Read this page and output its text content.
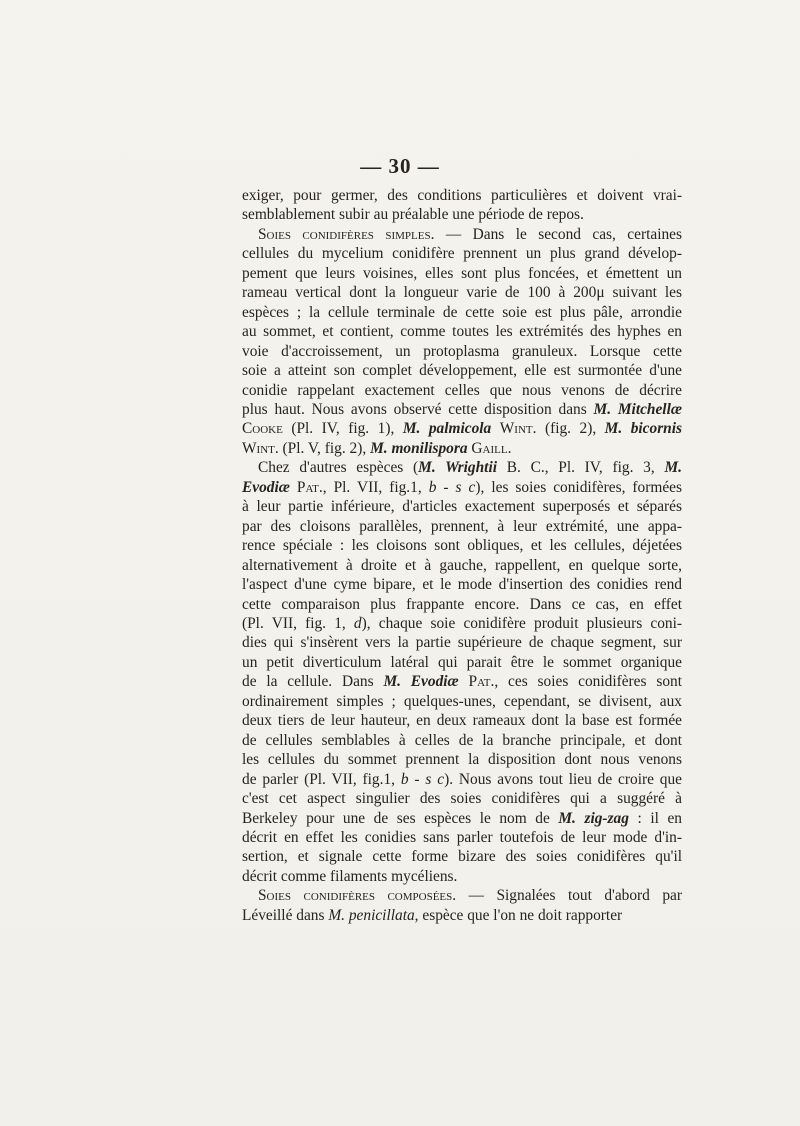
— 30 —
exiger, pour germer, des conditions particulières et doivent vrai-
semblablement subir au préalable une période de repos.
Soies conidifères simples. — Dans le second cas, certaines
cellules du mycelium conidifère prennent un plus grand dévelop-
pement que leurs voisines, elles sont plus foncées, et émettent un
rameau vertical dont la longueur varie de 100 à 200μ suivant les
espèces ; la cellule terminale de cette soie est plus pâle, arrondie
au sommet, et contient, comme toutes les extrémités des hyphes en
voie d'accroissement, un protoplasma granuleux. Lorsque cette
soie a atteint son complet développement, elle est surmontée d'une
conidie rappelant exactement celles que nous venons de décrire
plus haut. Nous avons observé cette disposition dans M. Mitchellæ
Cooke (Pl. IV, fig. 1), M. palmicola Wint. (fig. 2), M. bicornis
Wint. (Pl. V, fig. 2), M. monilispora Gaill.
Chez d'autres espèces (M. Wrightii B. C., Pl. IV, fig. 3, M.
Evodiæ Pat., Pl. VII, fig.1, b - s c), les soies conidifères, formées
à leur partie inférieure, d'articles exactement superposés et séparés
par des cloisons parallèles, prennent, à leur extrémité, une appa-
rence spéciale : les cloisons sont obliques, et les cellules, déjetées
alternativement à droite et à gauche, rappellent, en quelque sorte,
l'aspect d'une cyme bipare, et le mode d'insertion des conidies rend
cette comparaison plus frappante encore. Dans ce cas, en effet
(Pl. VII, fig. 1, d), chaque soie conidifère produit plusieurs coni-
dies qui s'insèrent vers la partie supérieure de chaque segment, sur
un petit diverticulum latéral qui parait être le sommet organique
de la cellule. Dans M. Evodiæ Pat., ces soies conidifères sont
ordinairement simples ; quelques-unes, cependant, se divisent, aux
deux tiers de leur hauteur, en deux rameaux dont la base est formée
de cellules semblables à celles de la branche principale, et dont
les cellules du sommet prennent la disposition dont nous venons
de parler (Pl. VII, fig.1, b - s c). Nous avons tout lieu de croire que
c'est cet aspect singulier des soies conidifères qui a suggéré à
Berkeley pour une de ses espèces le nom de M. zig-zag : il en
décrit en effet les conidies sans parler toutefois de leur mode d'in-
sertion, et signale cette forme bizare des soies conidifères qu'il
décrit comme filaments mycéliens.
Soies conidifères composées. — Signalées tout d'abord par
Léveillé dans M. penicillata, espèce que l'on ne doit rapporter
